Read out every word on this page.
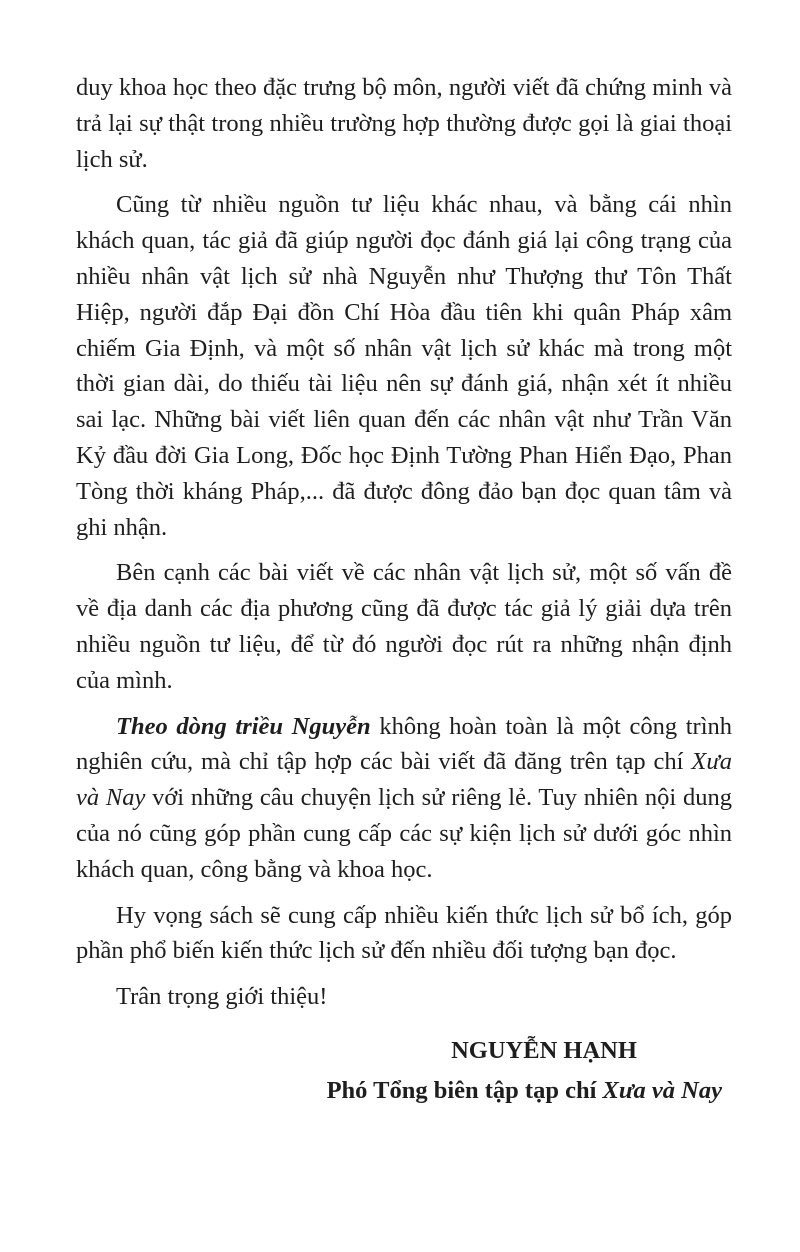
duy khoa học theo đặc trưng bộ môn, người viết đã chứng minh và trả lại sự thật trong nhiều trường hợp thường được gọi là giai thoại lịch sử.

Cũng từ nhiều nguồn tư liệu khác nhau, và bằng cái nhìn khách quan, tác giả đã giúp người đọc đánh giá lại công trạng của nhiều nhân vật lịch sử nhà Nguyễn như Thượng thư Tôn Thất Hiệp, người đắp Đại đồn Chí Hòa đầu tiên khi quân Pháp xâm chiếm Gia Định, và một số nhân vật lịch sử khác mà trong một thời gian dài, do thiếu tài liệu nên sự đánh giá, nhận xét ít nhiều sai lạc. Những bài viết liên quan đến các nhân vật như Trần Văn Kỷ đầu đời Gia Long, Đốc học Định Tường Phan Hiển Đạo, Phan Tòng thời kháng Pháp,... đã được đông đảo bạn đọc quan tâm và ghi nhận.

Bên cạnh các bài viết về các nhân vật lịch sử, một số vấn đề về địa danh các địa phương cũng đã được tác giả lý giải dựa trên nhiều nguồn tư liệu, để từ đó người đọc rút ra những nhận định của mình.

Theo dòng triều Nguyễn không hoàn toàn là một công trình nghiên cứu, mà chỉ tập hợp các bài viết đã đăng trên tạp chí Xưa và Nay với những câu chuyện lịch sử riêng lẻ. Tuy nhiên nội dung của nó cũng góp phần cung cấp các sự kiện lịch sử dưới góc nhìn khách quan, công bằng và khoa học.

Hy vọng sách sẽ cung cấp nhiều kiến thức lịch sử bổ ích, góp phần phổ biến kiến thức lịch sử đến nhiều đối tượng bạn đọc.

Trân trọng giới thiệu!

NGUYỄN HẠNH
Phó Tổng biên tập tạp chí Xưa và Nay
